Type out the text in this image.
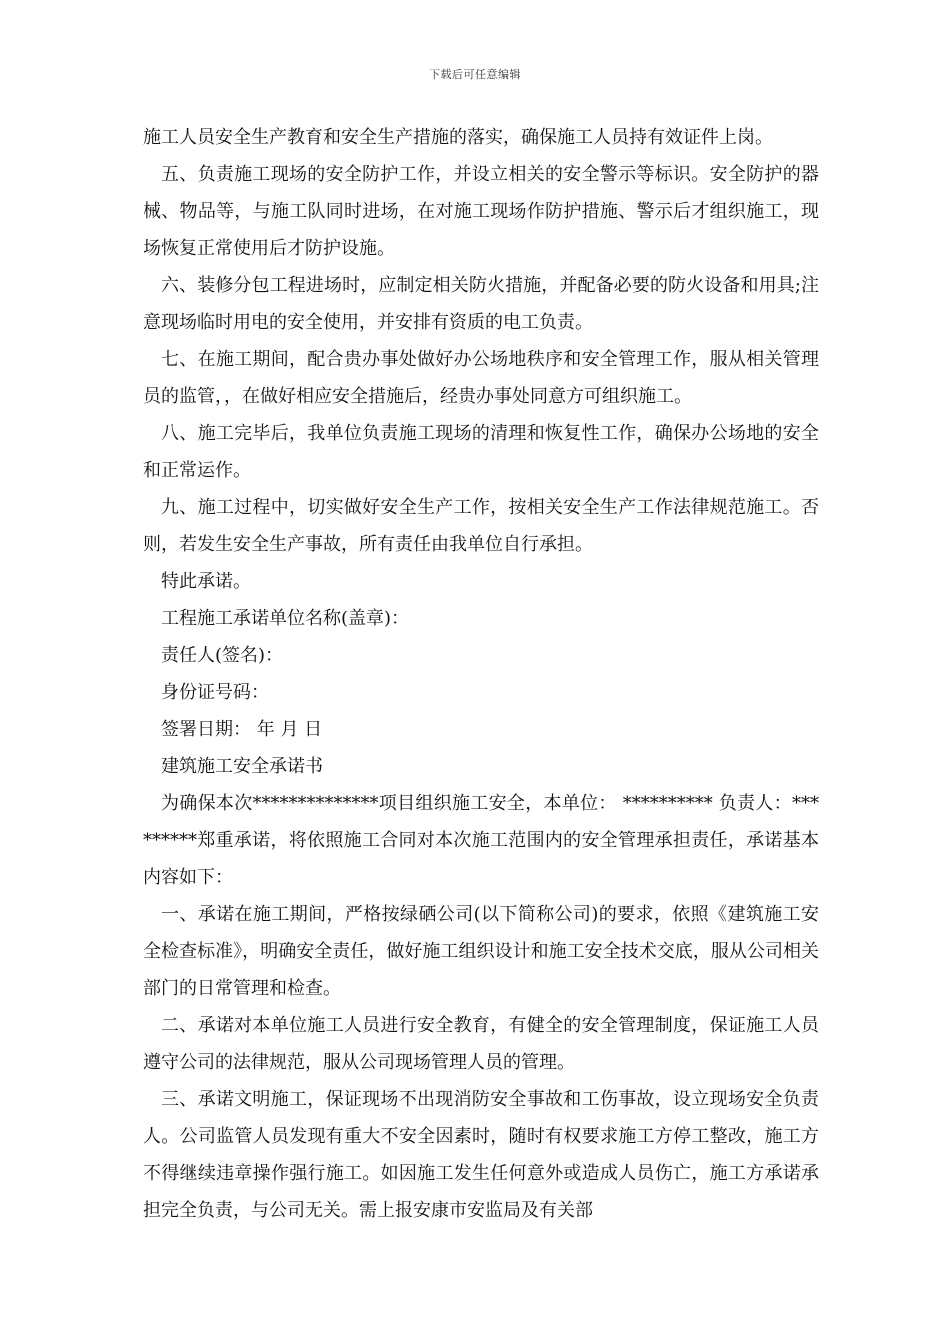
下载后可任意编辑

施工人员安全生产教育和安全生产措施的落实，确保施工人员持有效证件上岗。

五、负责施工现场的安全防护工作，并设立相关的安全警示等标识。安全防护的器械、物品等，与施工队同时进场，在对施工现场作防护措施、警示后才组织施工，现场恢复正常使用后才防护设施。

六、装修分包工程进场时，应制定相关防火措施，并配备必要的防火设备和用具;注意现场临时用电的安全使用，并安排有资质的电工负责。

七、在施工期间，配合贵办事处做好办公场地秩序和安全管理工作，服从相关管理员的监管，，在做好相应安全措施后，经贵办事处同意方可组织施工。

八、施工完毕后，我单位负责施工现场的清理和恢复性工作，确保办公场地的安全和正常运作。

九、施工过程中，切实做好安全生产工作，按相关安全生产工作法律规范施工。否则，若发生安全生产事故，所有责任由我单位自行承担。

特此承诺。

工程施工承诺单位名称(盖章)：

责任人(签名)：

身份证号码：

签署日期： 年 月 日

建筑施工安全承诺书

为确保本次**************项目组织施工安全，本单位： ********** 负责人：*********郑重承诺，将依照施工合同对本次施工范围内的安全管理承担责任，承诺基本内容如下：

一、承诺在施工期间，严格按绿硒公司(以下简称公司)的要求，依照《建筑施工安全检查标准》，明确安全责任，做好施工组织设计和施工安全技术交底，服从公司相关部门的日常管理和检查。

二、承诺对本单位施工人员进行安全教育，有健全的安全管理制度，保证施工人员遵守公司的法律规范，服从公司现场管理人员的管理。

三、承诺文明施工，保证现场不出现消防安全事故和工伤事故，设立现场安全负责人。公司监管人员发现有重大不安全因素时，随时有权要求施工方停工整改，施工方不得继续违章操作强行施工。如因施工发生任何意外或造成人员伤亡，施工方承诺承担完全负责，与公司无关。需上报安康市安监局及有关部
